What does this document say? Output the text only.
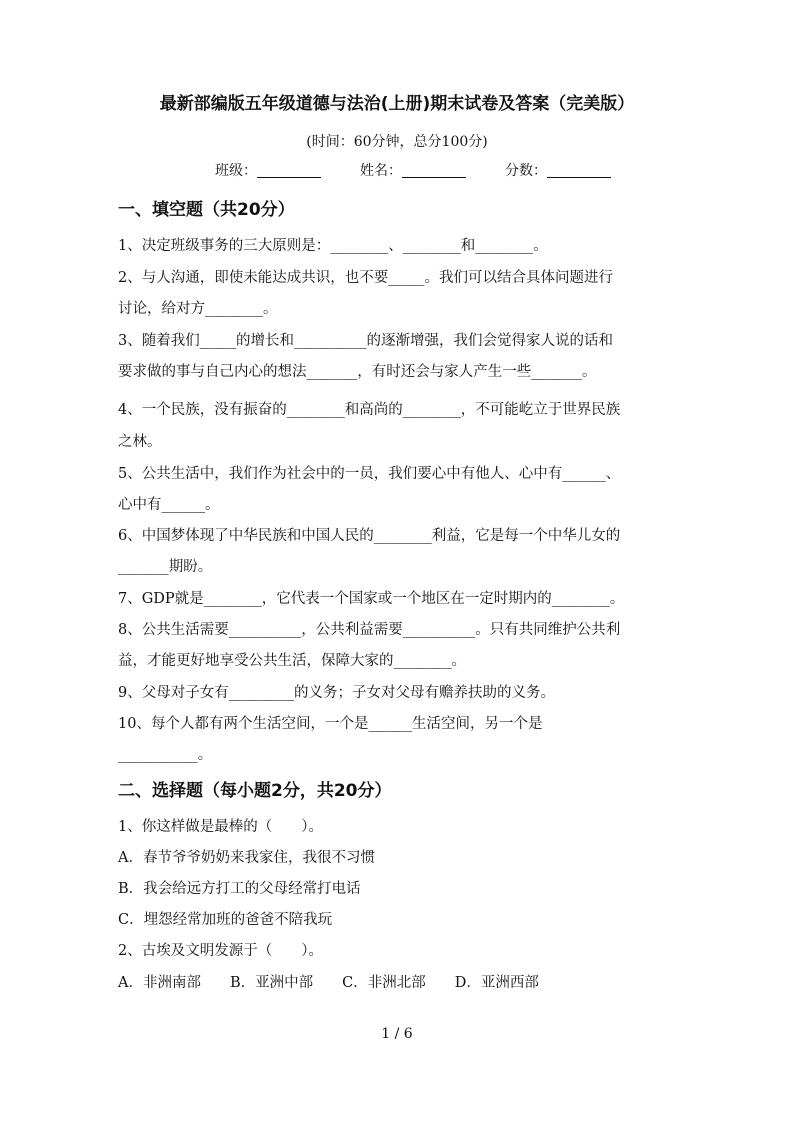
最新部编版五年级道德与法治(上册)期末试卷及答案（完美版）
(时间：60分钟，总分100分)
班级：	姓名：	分数：
一、填空题（共20分）
1、决定班级事务的三大原则是：________、________和________。
2、与人沟通，即使未能达成共识，也不要_____。我们可以结合具体问题进行
讨论，给对方________。
3、随着我们_____的增长和__________的逐渐增强，我们会觉得家人说的话和
要求做的事与自己内心的想法_______，有时还会与家人产生一些_______。
4、一个民族，没有振奋的________和高尚的________，不可能屹立于世界民族
之林。
5、公共生活中，我们作为社会中的一员，我们要心中有他人、心中有______、
心中有______。
6、中国梦体现了中华民族和中国人民的________利益，它是每一个中华儿女的
_______期盼。
7、GDP就是________，它代表一个国家或一个地区在一定时期内的________。
8、公共生活需要__________，公共利益需要__________。只有共同维护公共利
益，才能更好地享受公共生活，保障大家的________。
9、父母对子女有_________的义务；子女对父母有赡养扶助的义务。
10、每个人都有两个生活空间，一个是______生活空间，另一个是
___________。
二、选择题（每小题2分，共20分）
1、你这样做是最棒的（　　）。
A．春节爷爷奶奶来我家住，我很不习惯
B．我会给远方打工的父母经常打电话
C．埋怨经常加班的爸爸不陪我玩
2、古埃及文明发源于（　　）。
A．非洲南部　　B．亚洲中部　　C．非洲北部　　D．亚洲西部
1 / 6
